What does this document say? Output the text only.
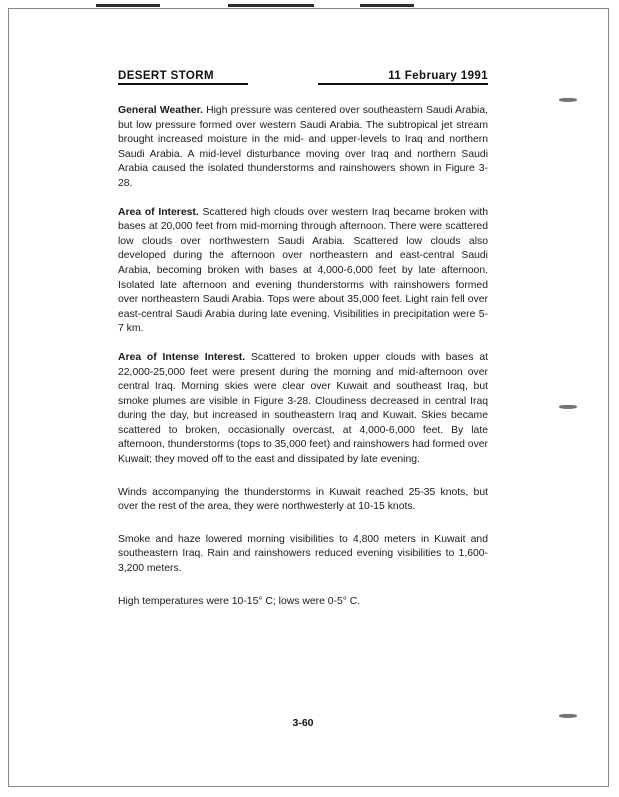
DESERT STORM	11 February 1991

General Weather. High pressure was centered over southeastern Saudi Arabia, but low pressure formed over western Saudi Arabia. The subtropical jet stream brought increased moisture in the mid- and upper-levels to Iraq and northern Saudi Arabia. A mid-level disturbance moving over Iraq and northern Saudi Arabia caused the isolated thunderstorms and rainshowers shown in Figure 3-28.

Area of Interest. Scattered high clouds over western Iraq became broken with bases at 20,000 feet from mid-morning through afternoon. There were scattered low clouds over northwestern Saudi Arabia. Scattered low clouds also developed during the afternoon over northeastern and east-central Saudi Arabia, becoming broken with bases at 4,000-6,000 feet by late afternoon. Isolated late afternoon and evening thunderstorms with rainshowers formed over northeastern Saudi Arabia. Tops were about 35,000 feet. Light rain fell over east-central Saudi Arabia during late evening. Visibilities in precipitation were 5-7 km.

Area of Intense Interest. Scattered to broken upper clouds with bases at 22,000-25,000 feet were present during the morning and mid-afternoon over central Iraq. Morning skies were clear over Kuwait and southeast Iraq, but smoke plumes are visible in Figure 3-28. Cloudiness decreased in central Iraq during the day, but increased in southeastern Iraq and Kuwait. Skies became scattered to broken, occasionally overcast, at 4,000-6,000 feet. By late afternoon, thunderstorms (tops to 35,000 feet) and rainshowers had formed over Kuwait; they moved off to the east and dissipated by late evening.

Winds accompanying the thunderstorms in Kuwait reached 25-35 knots, but over the rest of the area, they were northwesterly at 10-15 knots.

Smoke and haze lowered morning visibilities to 4,800 meters in Kuwait and southeastern Iraq. Rain and rainshowers reduced evening visibilities to 1,600-3,200 meters.

High temperatures were 10-15° C; lows were 0-5° C.

3-60
